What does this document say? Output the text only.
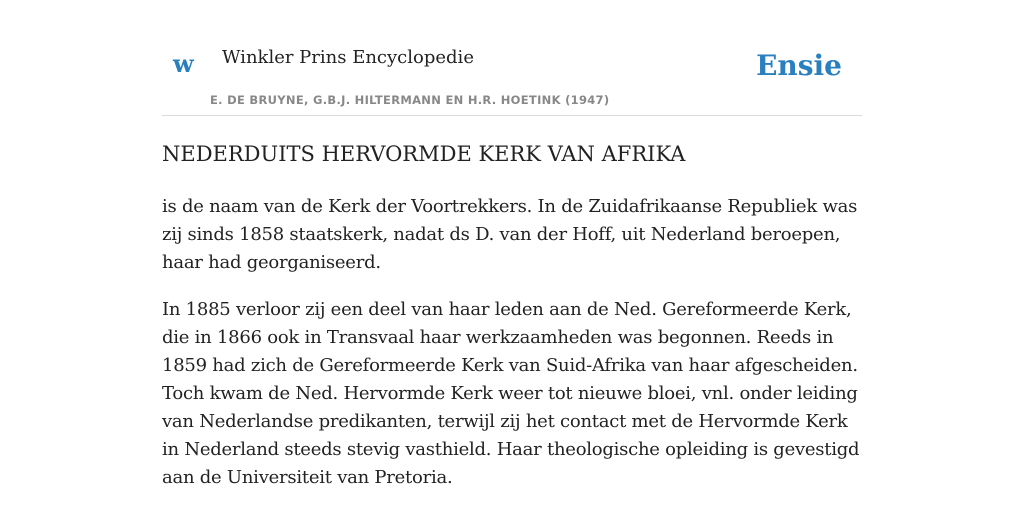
w Winkler Prins Encyclopedie
E. DE BRUYNE, G.B.J. HILTERMANN EN H.R. HOETINK (1947)
Ensie
NEDERDUITS HERVORMDE KERK VAN AFRIKA

is de naam van de Kerk der Voortrekkers. In de Zuidafrikaanse Republiek was zij sinds 1858 staatskerk, nadat ds D. van der Hoff, uit Nederland beroepen, haar had georganiseerd.

In 1885 verloor zij een deel van haar leden aan de Ned. Gereformeerde Kerk, die in 1866 ook in Transvaal haar werkzaamheden was begonnen. Reeds in 1859 had zich de Gereformeerde Kerk van Suid-Afrika van haar afgescheiden. Toch kwam de Ned. Hervormde Kerk weer tot nieuwe bloei, vnl. onder leiding van Nederlandse predikanten, terwijl zij het contact met de Hervormde Kerk in Nederland steeds stevig vasthield. Haar theologische opleiding is gevestigd aan de Universiteit van Pretoria.
